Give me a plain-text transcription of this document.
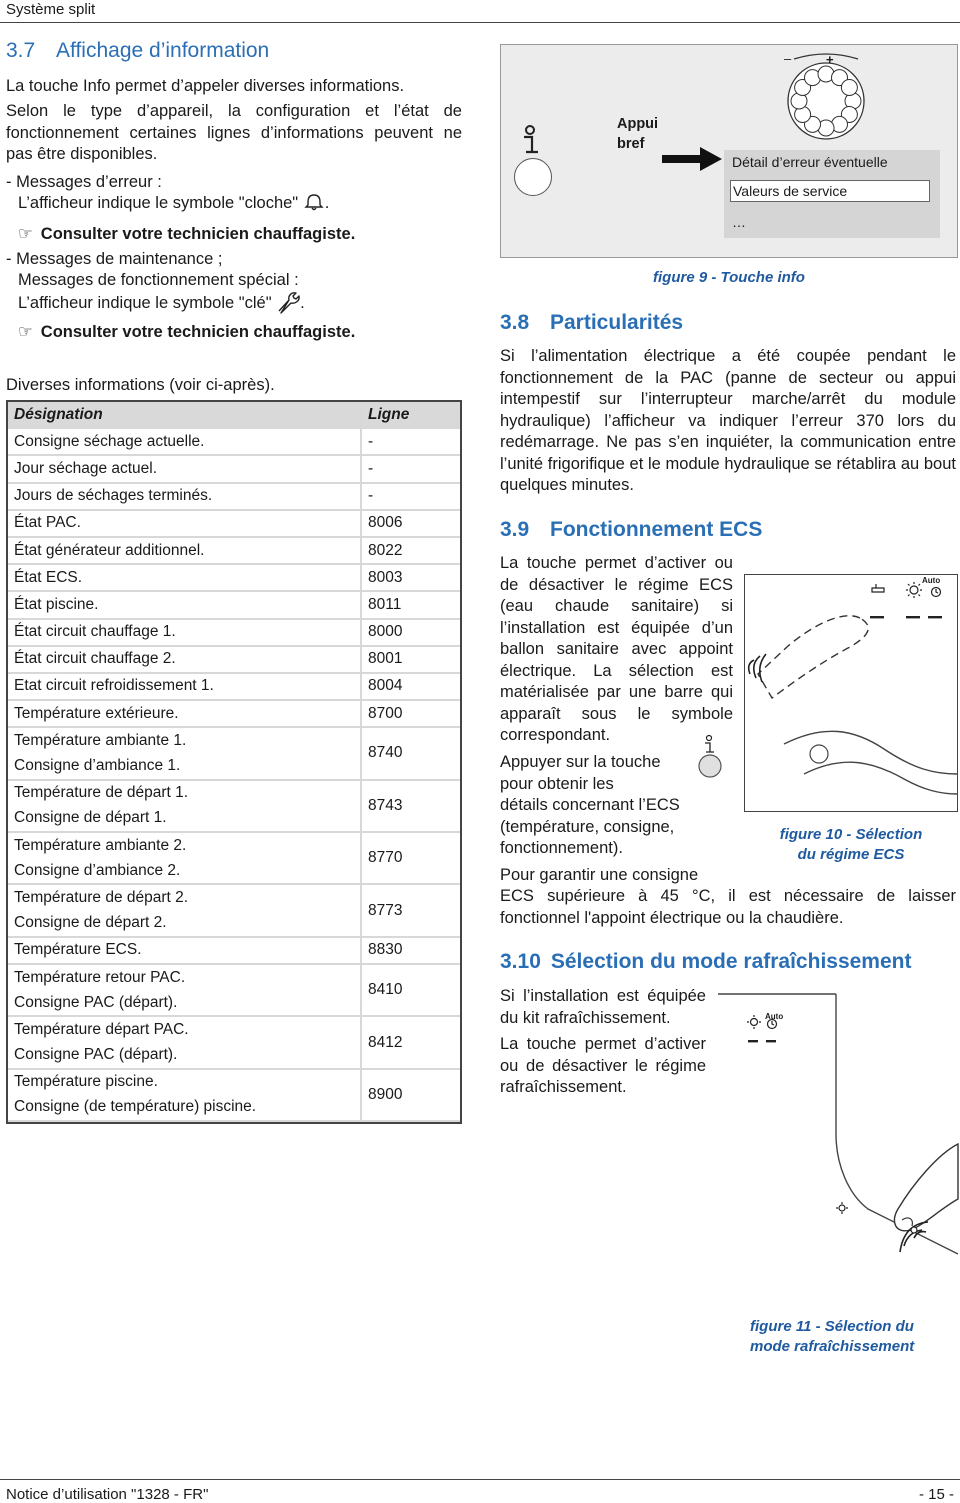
Système split
3.7 Affichage d’information
La touche Info permet d’appeler diverses informations.
Selon le type d’appareil, la configuration et l’état de fonctionnement certaines lignes d’informations peuvent ne pas être disponibles.
- Messages d’erreur :
L’afficheur indique le symbole "cloche" .
☞ Consulter votre technicien chauffagiste.
- Messages de maintenance ;
Messages de fonctionnement spécial :
L’afficheur indique le symbole "clé" .
☞ Consulter votre technicien chauffagiste.
Diverses informations (voir ci-après).
Désignation	Ligne
Consigne séchage actuelle.	-
Jour séchage actuel.	-
Jours de séchages terminés.	-
État PAC.	8006
État générateur additionnel.	8022
État ECS.	8003
État piscine.	8011
État circuit chauffage 1.	8000
État circuit chauffage 2.	8001
Etat circuit refroidissement 1.	8004
Température extérieure.	8700
Température ambiante 1.	8740
Consigne d’ambiance 1.	
Température de départ 1.	8743
Consigne de départ 1.	
Température ambiante 2.	8770
Consigne d’ambiance 2.	
Température de départ 2.	8773
Consigne de départ 2.	
Température ECS.	8830
Température retour PAC.	8410
Consigne PAC (départ).	
Température départ PAC.	8412
Consigne PAC (départ).	
Température piscine.	8900
Consigne (de température) piscine.	
Appui
bref
–	+
Détail d’erreur éventuelle
Valeurs de service
…
figure 9 - Touche info
3.8 Particularités
Si l’alimentation électrique a été coupée pendant le fonctionnement de la PAC (panne de secteur ou appui intempestif sur l’interrupteur marche/arrêt du module hydraulique) l’afficheur va indiquer l’erreur 370 lors du redémarrage. Ne pas s’en inquiéter, la communication entre l’unité frigorifique et le module hydraulique se rétablira au bout quelques minutes.
3.9 Fonctionnement ECS
La touche permet d’activer ou de désactiver le régime ECS (eau chaude sanitaire) si l’installation est équipée d’un ballon sanitaire avec appoint électrique. La sélection est matérialisée par une barre qui apparaît sous le symbole correspondant.
Appuyer sur la touche
pour obtenir les
détails concernant l’ECS
(température, consigne,
fonctionnement).
Pour garantir une consigne
ECS supérieure à 45 °C, il est nécessaire de laisser fonctionnel l'appoint électrique ou la chaudière.
Auto
figure 10 - Sélection
du régime ECS
3.10 Sélection du mode rafraîchissement
Si l’installation est équipée du kit rafraîchissement.
La touche permet d’activer ou de désactiver le régime rafraîchissement.
Auto
figure 11 - Sélection du
mode rafraîchissement
Notice d’utilisation "1328 - FR"	- 15 -
